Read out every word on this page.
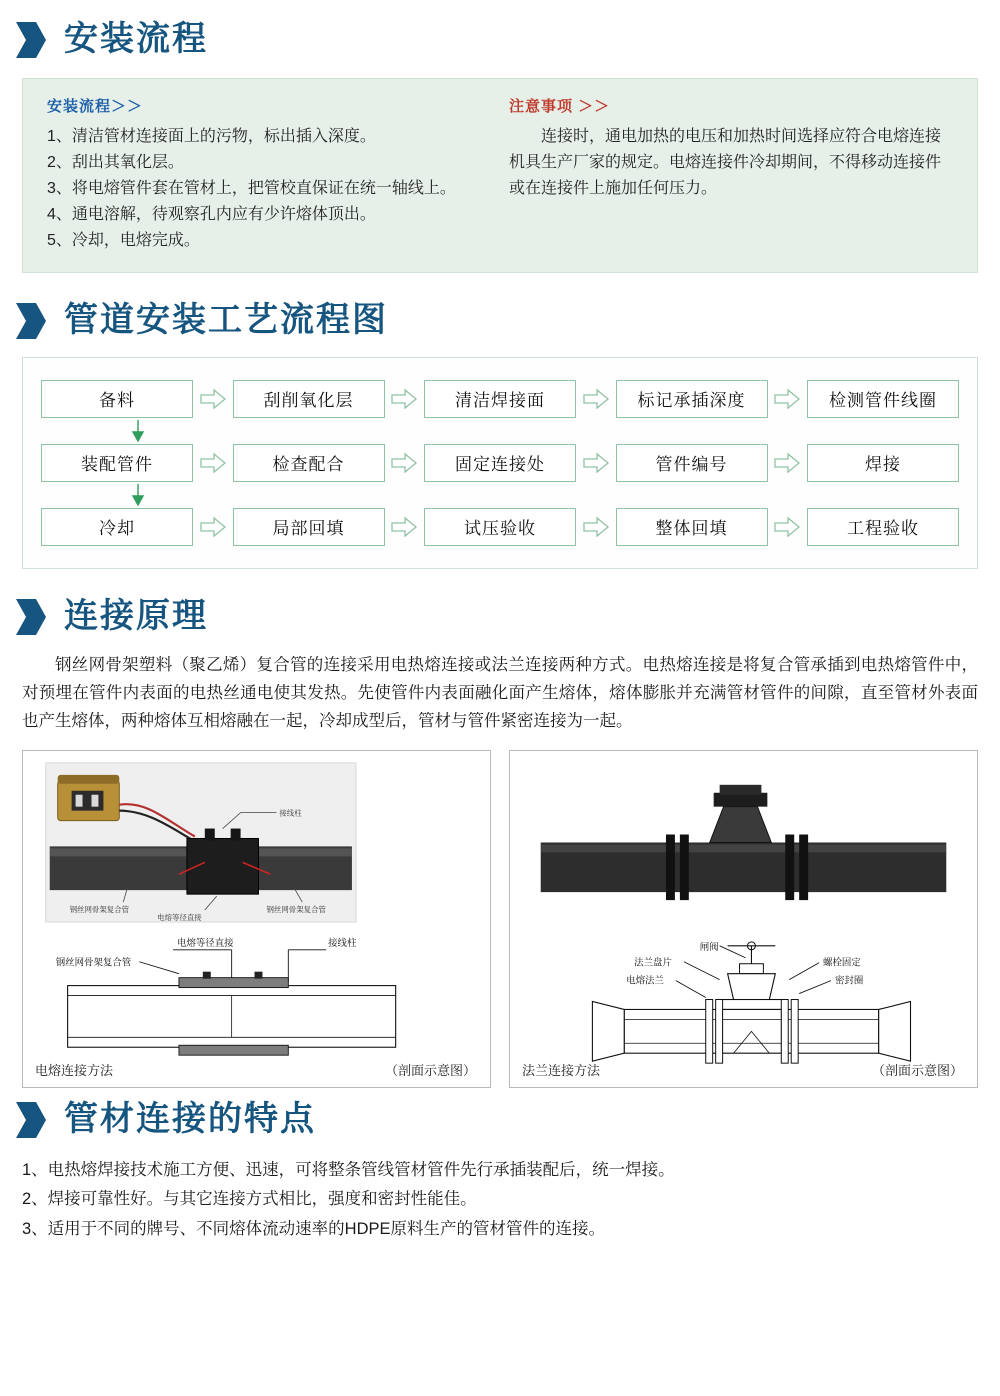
安装流程
安装流程＞＞
1、清洁管材连接面上的污物，标出插入深度。
2、刮出其氧化层。
3、将电熔管件套在管材上，把管校直保证在统一轴线上。
4、通电溶解，待观察孔内应有少许熔体顶出。
5、冷却，电熔完成。
注意事项 ＞＞
连接时，通电加热的电压和加热时间选择应符合电熔连接机具生产厂家的规定。电熔连接件冷却期间，不得移动连接件或在连接件上施加任何压力。
管道安装工艺流程图
备料	刮削氧化层	清洁焊接面	标记承插深度	检测管件线圈
装配管件	检查配合	固定连接处	管件编号	焊接
冷却	局部回填	试压验收	整体回填	工程验收
连接原理

钢丝网骨架塑料（聚乙烯）复合管的连接采用电热熔连接或法兰连接两种方式。电热熔连接是将复合管承插到电热熔管件中，对预埋在管件内表面的电热丝通电使其发热。先使管件内表面融化面产生熔体，熔体膨胀并充满管材管件的间隙，直至管材外表面也产生熔体，两种熔体互相熔融在一起，冷却成型后，管材与管件紧密连接为一起。

接线柱
钢丝网骨架复合管
电熔等径直接
钢丝网骨架复合管
电熔等径直接	接线柱
钢丝网骨架复合管
电熔连接方法	（剖面示意图）
闸阀
法兰盘片
电熔法兰
螺栓固定
密封圈
法兰连接方法	（剖面示意图）
管材连接的特点
1、电热熔焊接技术施工方便、迅速，可将整条管线管材管件先行承插装配后，统一焊接。
2、焊接可靠性好。与其它连接方式相比，强度和密封性能佳。
3、适用于不同的牌号、不同熔体流动速率的HDPE原料生产的管材管件的连接。
